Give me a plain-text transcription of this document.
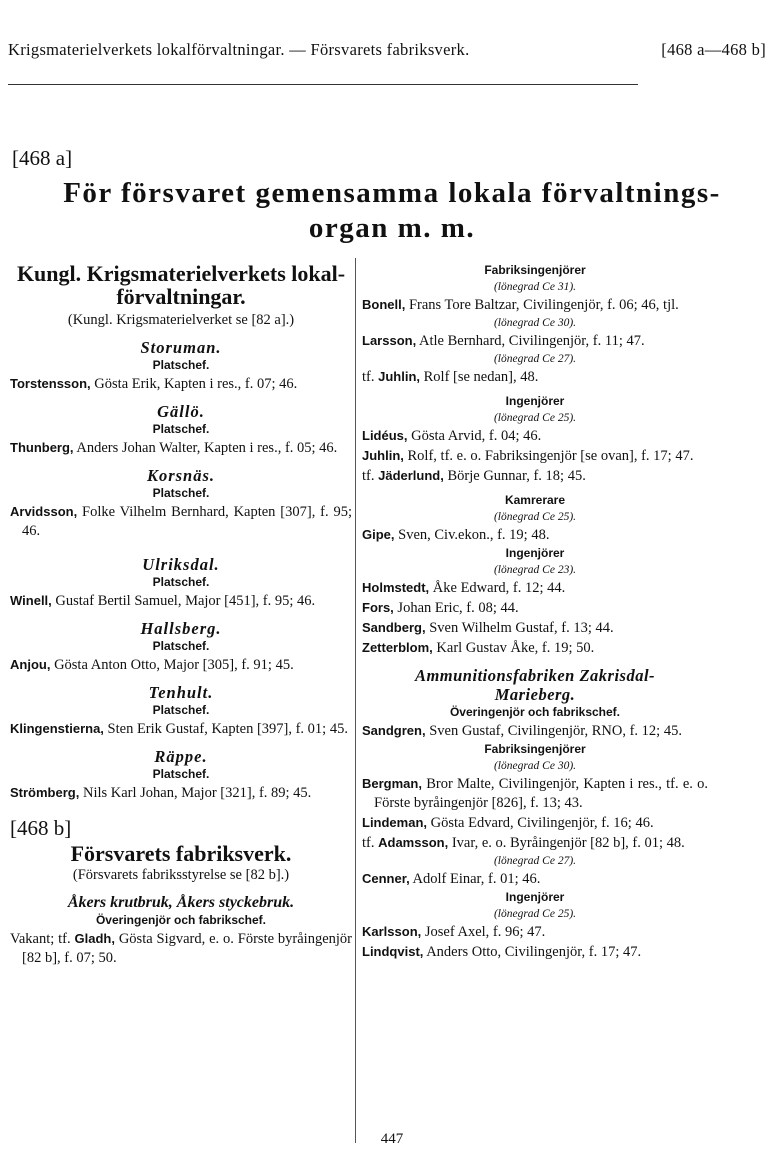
Krigsmaterielverkets lokalförvaltningar. — Försvarets fabriksverk.	[468 a—468 b]
[468 a]
För försvaret gemensamma lokala förvaltnings-
organ m. m.
Kungl. Krigsmaterielverkets lokal-
förvaltningar.
(Kungl. Krigsmaterielverket se [82 a].)
Storuman.
Platschef.
Torstensson, Gösta Erik, Kapten i res., f. 07; 46.
Gällö.
Platschef.
Thunberg, Anders Johan Walter, Kapten i res., f. 05; 46.
Korsnäs.
Platschef.
Arvidsson, Folke Vilhelm Bernhard, Kapten [307], f. 95; 46.
Ulriksdal.
Platschef.
Winell, Gustaf Bertil Samuel, Major [451], f. 95; 46.
Hallsberg.
Platschef.
Anjou, Gösta Anton Otto, Major [305], f. 91; 45.
Tenhult.
Platschef.
Klingenstierna, Sten Erik Gustaf, Kapten [397], f. 01; 45.
Räppe.
Platschef.
Strömberg, Nils Karl Johan, Major [321], f. 89; 45.
[468 b]
Försvarets fabriksverk.
(Försvarets fabriksstyrelse se [82 b].)
Åkers krutbruk, Åkers styckebruk.
Överingenjör och fabrikschef.
Vakant; tf. Gladh, Gösta Sigvard, e. o. Förste byråingenjör [82 b], f. 07; 50.
Fabriksingenjörer
(lönegrad Ce 31).
Bonell, Frans Tore Baltzar, Civilingenjör, f. 06; 46, tjl.
(lönegrad Ce 30).
Larsson, Atle Bernhard, Civilingenjör, f. 11; 47.
(lönegrad Ce 27).
tf. Juhlin, Rolf [se nedan], 48.
Ingenjörer
(lönegrad Ce 25).
Lidéus, Gösta Arvid, f. 04; 46.
Juhlin, Rolf, tf. e. o. Fabriksingenjör [se ovan], f. 17; 47.
tf. Jäderlund, Börje Gunnar, f. 18; 45.
Kamrerare
(lönegrad Ce 25).
Gipe, Sven, Civ.ekon., f. 19; 48.
Ingenjörer
(lönegrad Ce 23).
Holmstedt, Åke Edward, f. 12; 44.
Fors, Johan Eric, f. 08; 44.
Sandberg, Sven Wilhelm Gustaf, f. 13; 44.
Zetterblom, Karl Gustav Åke, f. 19; 50.
Ammunitionsfabriken Zakrisdal-
Marieberg.
Överingenjör och fabrikschef.
Sandgren, Sven Gustaf, Civilingenjör, RNO, f. 12; 45.
Fabriksingenjörer
(lönegrad Ce 30).
Bergman, Bror Malte, Civilingenjör, Kapten i res., tf. e. o. Förste byråingenjör [826], f. 13; 43.
Lindeman, Gösta Edvard, Civilingenjör, f. 16; 46.
tf. Adamsson, Ivar, e. o. Byråingenjör [82 b], f. 01; 48.
(lönegrad Ce 27).
Cenner, Adolf Einar, f. 01; 46.
Ingenjörer
(lönegrad Ce 25).
Karlsson, Josef Axel, f. 96; 47.
Lindqvist, Anders Otto, Civilingenjör, f. 17; 47.
447
